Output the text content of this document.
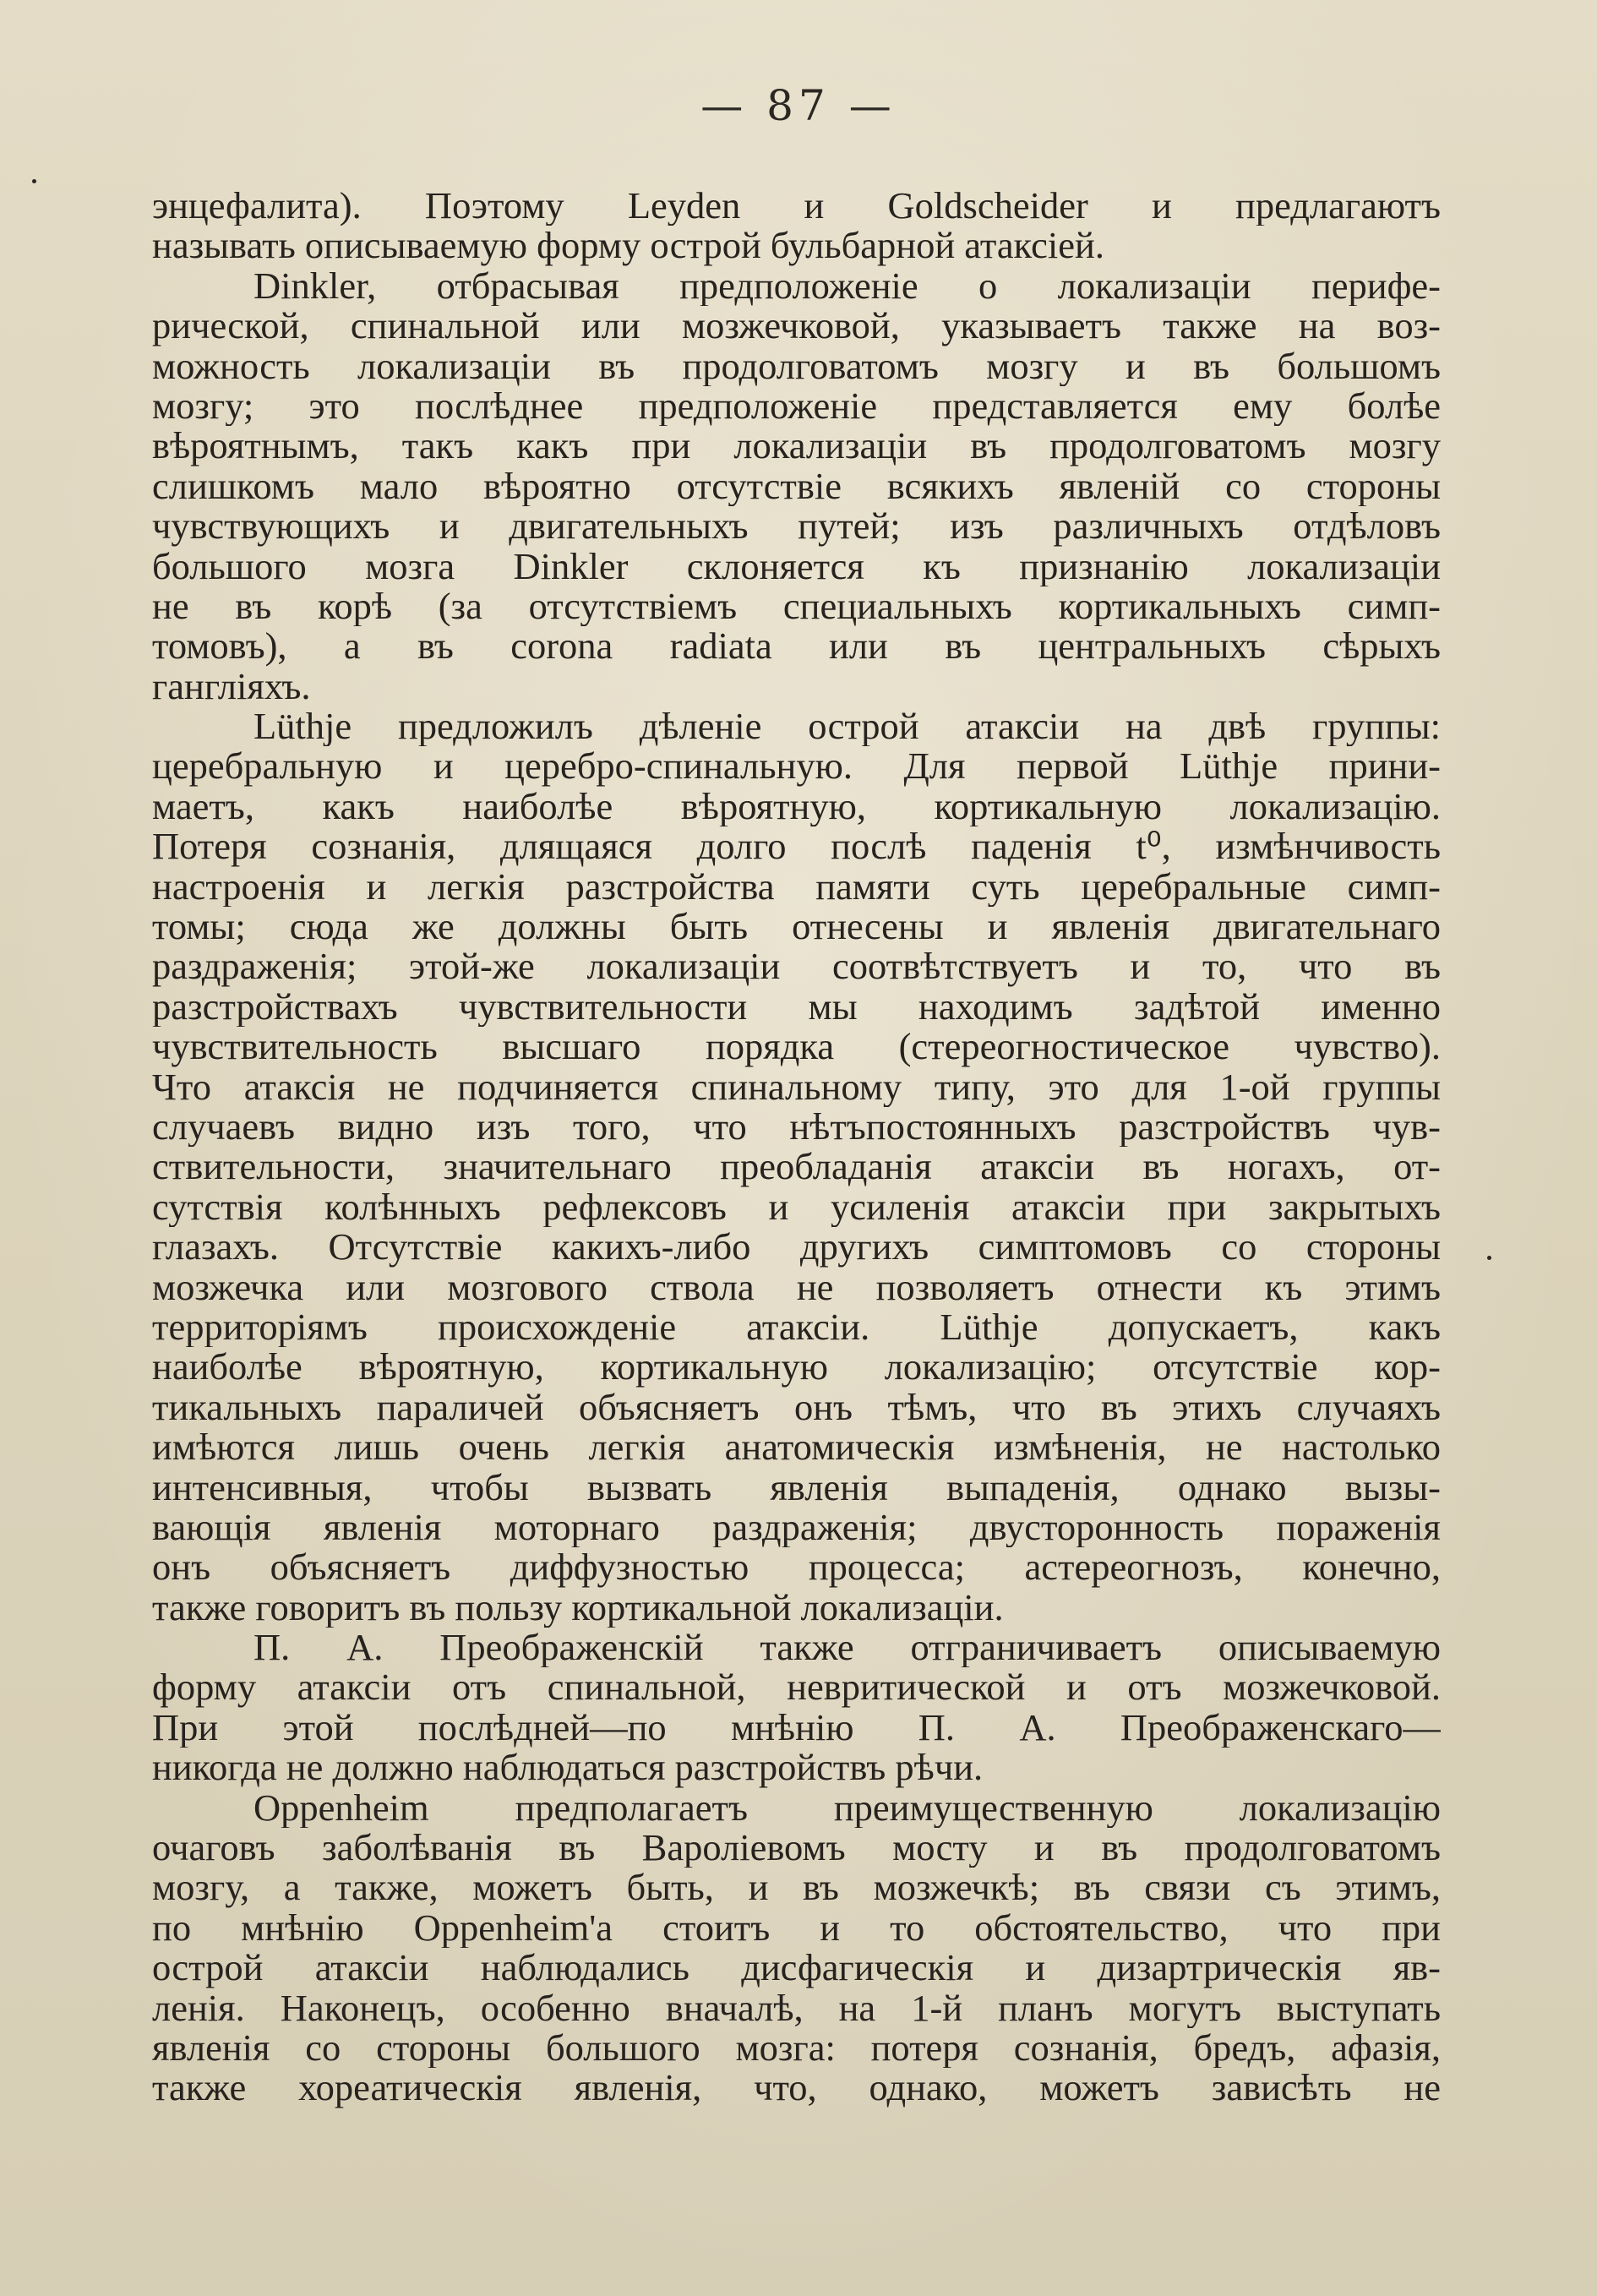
— 87 —
энцефалита). Поэтому Leyden и Goldscheider и предлагаютъ
называть описываемую форму острой бульбарной атаксiей.
Dinkler, отбрасывая предположенiе о локализацiи перифе-
рической, спинальной или мозжечковой, указываетъ также на воз-
можность локализацiи въ продолговатомъ мозгу и въ большомъ
мозгу; это послѣднее предположенiе представляется ему болѣе
вѣроятнымъ, такъ какъ при локализацiи въ продолговатомъ мозгу
слишкомъ мало вѣроятно отсутствiе всякихъ явленiй со стороны
чувствующихъ и двигательныхъ путей; изъ различныхъ отдѣловъ
большого мозга Dinkler склоняется къ признанiю локализацiи
не въ корѣ (за отсутствiемъ специальныхъ кортикальныхъ симп-
томовъ), а въ corona radiata или въ центральныхъ сѣрыхъ
гангліяхъ.
Lüthje предложилъ дѣленiе острой атаксiи на двѣ группы:
церебральную и церебро-спинальную. Для первой Lüthje прини-
маетъ, какъ наиболѣе вѣроятную, кортикальную локализацiю.
Потеря сознанiя, длящаяся долго послѣ паденiя t⁰, измѣнчивость
настроенiя и легкiя разстройства памяти суть церебральные симп-
томы; сюда же должны быть отнесены и явленiя двигательнаго
раздраженiя; этой-же локализацiи соотвѣтствуетъ и то, что въ
разстройствахъ чувствительности мы находимъ задѣтой именно
чувствительность высшаго порядка (стереогностическое чувство).
Что атаксiя не подчиняется спинальному типу, это для 1-ой группы
случаевъ видно изъ того, что нѣтъпостоянныхъ разстройствъ чув-
ствительности, значительнаго преобладанiя атаксiи въ ногахъ, от-
сутствiя колѣнныхъ рефлексовъ и усиленiя атаксiи при закрытыхъ
глазахъ. Отсутствiе какихъ-либо другихъ симптомовъ со стороны
мозжечка или мозгового ствола не позволяетъ отнести къ этимъ
территорiямъ происхожденiе атаксiи. Lüthje допускаетъ, какъ
наиболѣе вѣроятную, кортикальную локализацiю; отсутствiе кор-
тикальныхъ параличей объясняетъ онъ тѣмъ, что въ этихъ случаяхъ
имѣются лишь очень легкiя анатомическiя измѣненiя, не настолько
интенсивныя, чтобы вызвать явленiя выпаденiя, однако вызы-
вающiя явленiя моторнаго раздраженiя; двусторонность пораженiя
онъ объясняетъ диффузностью процесса; астереогнозъ, конечно,
также говоритъ въ пользу кортикальной локализацiи.
П. А. Преображенскiй также отграничиваетъ описываемую
форму атаксiи отъ спинальной, невритической и отъ мозжечковой.
При этой послѣдней—по мнѣнiю П. А. Преображенскаго—
никогда не должно наблюдаться разстройствъ рѣчи.
Oppenheim предполагаетъ преимущественную локализацiю
очаговъ заболѣванiя въ Варолiевомъ мосту и въ продолговатомъ
мозгу, а также, можетъ быть, и въ мозжечкѣ; въ связи съ этимъ,
по мнѣнiю Oppenheim'а стоитъ и то обстоятельство, что при
острой атаксiи наблюдались дисфагическiя и дизартрическiя яв-
ленiя. Наконецъ, особенно вначалѣ, на 1-й планъ могутъ выступать
явленiя со стороны большого мозга: потеря сознанiя, бредъ, афазiя,
также хореатическiя явленiя, что, однако, можетъ зависѣть не
